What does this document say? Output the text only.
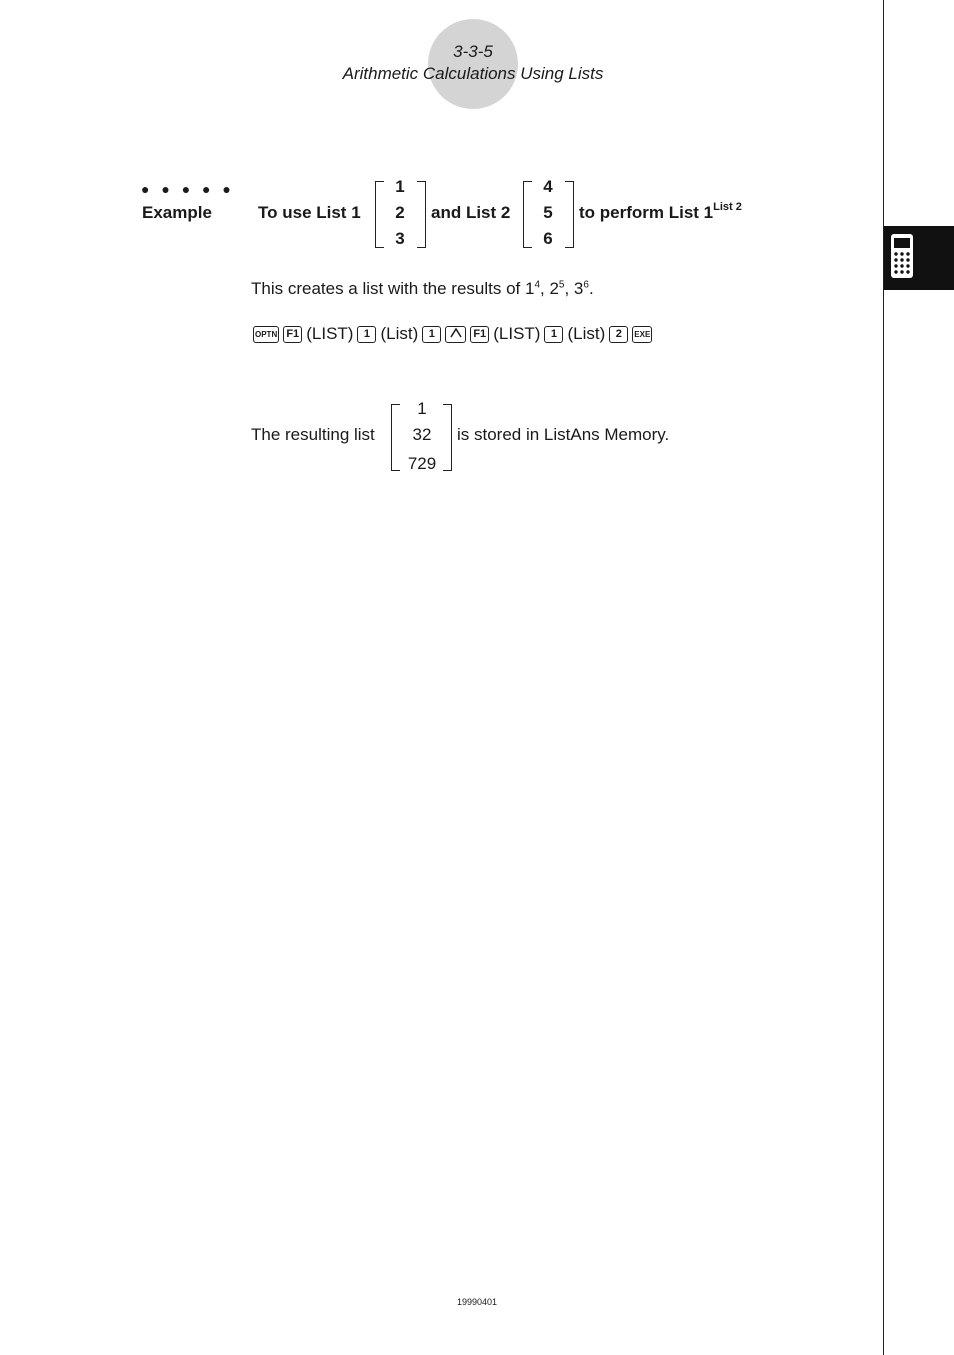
3-3-5
Arithmetic Calculations Using Lists
● ● ● ● ●
Example	To use List 1
1
2
3
and List 2
4
5
6
to perform List $1^{List 2}$
This creates a list with the results of $1^4$, $2^5$, $3^6$.
OPTN F1 (LIST) 1 (List) 1	F1 (LIST) 1 (List) 2	EXE
The resulting list
1
32
729
is stored in ListAns Memory.
19990401
